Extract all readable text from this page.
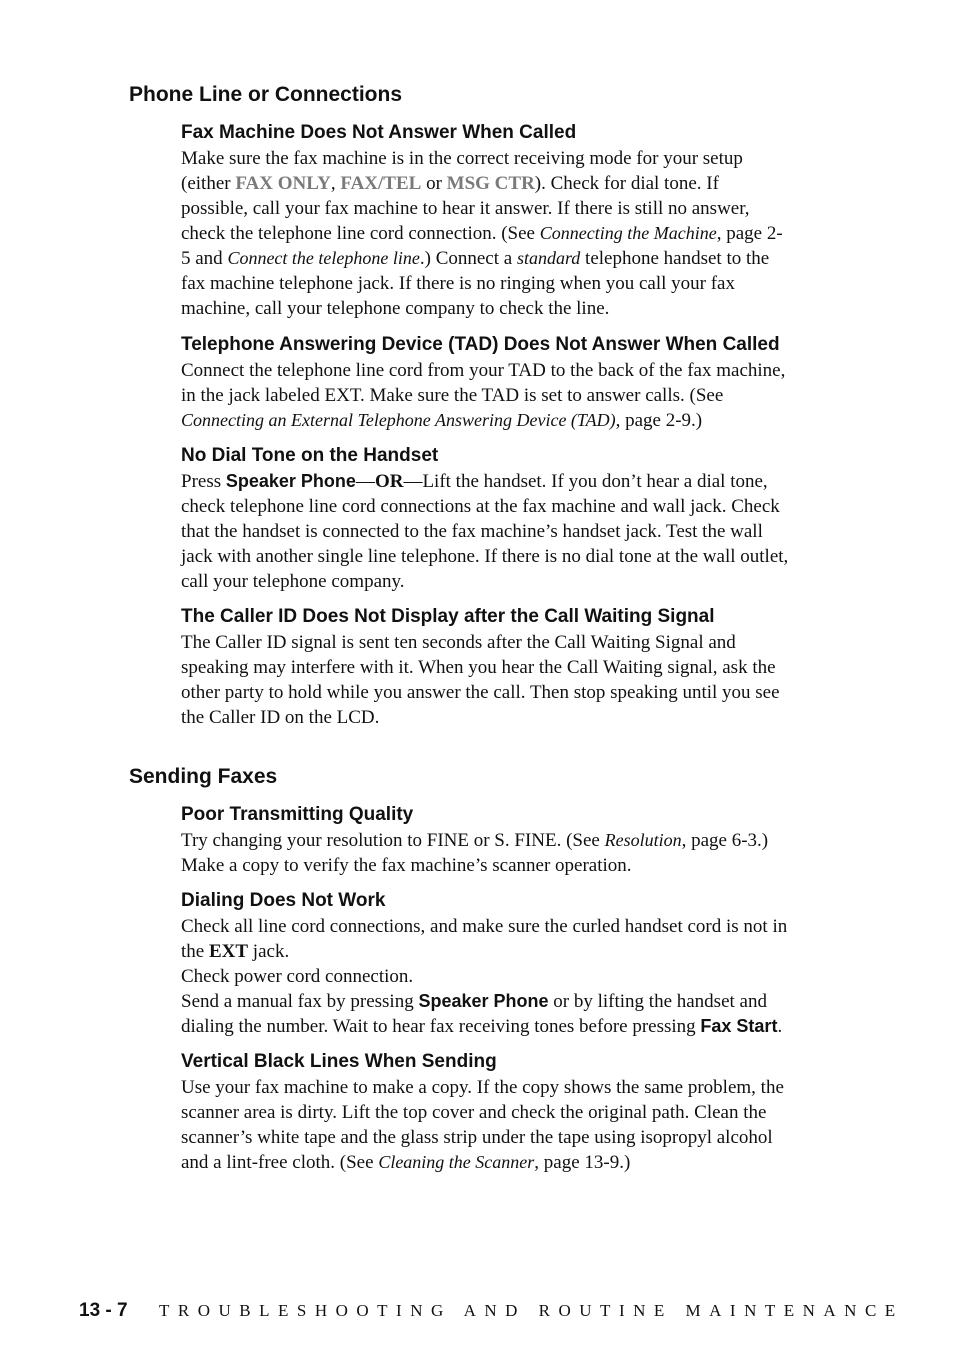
Phone Line or Connections
Fax Machine Does Not Answer When Called
Make sure the fax machine is in the correct receiving mode for your setup
(either FAX ONLY, FAX/TEL or MSG CTR). Check for dial tone. If
possible, call your fax machine to hear it answer. If there is still no answer,
check the telephone line cord connection. (See Connecting the Machine, page 2-
5 and Connect the telephone line.) Connect a standard telephone handset to the
fax machine telephone jack. If there is no ringing when you call your fax
machine, call your telephone company to check the line.
Telephone Answering Device (TAD) Does Not Answer When Called
Connect the telephone line cord from your TAD to the back of the fax machine,
in the jack labeled EXT. Make sure the TAD is set to answer calls. (See
Connecting an External Telephone Answering Device (TAD), page 2-9.)
No Dial Tone on the Handset
Press Speaker Phone—OR—Lift the handset. If you don’t hear a dial tone,
check telephone line cord connections at the fax machine and wall jack. Check
that the handset is connected to the fax machine’s handset jack. Test the wall
jack with another single line telephone. If there is no dial tone at the wall outlet,
call your telephone company.
The Caller ID Does Not Display after the Call Waiting Signal
The Caller ID signal is sent ten seconds after the Call Waiting Signal and
speaking may interfere with it. When you hear the Call Waiting signal, ask the
other party to hold while you answer the call. Then stop speaking until you see
the Caller ID on the LCD.
Sending Faxes
Poor Transmitting Quality
Try changing your resolution to FINE or S. FINE. (See Resolution, page 6-3.)
Make a copy to verify the fax machine’s scanner operation.
Dialing Does Not Work
Check all line cord connections, and make sure the curled handset cord is not in
the EXT jack.
Check power cord connection.
Send a manual fax by pressing Speaker Phone or by lifting the handset and
dialing the number. Wait to hear fax receiving tones before pressing Fax Start.
Vertical Black Lines When Sending
Use your fax machine to make a copy. If the copy shows the same problem, the
scanner area is dirty. Lift the top cover and check the original path. Clean the
scanner’s white tape and the glass strip under the tape using isopropyl alcohol
and a lint-free cloth. (See Cleaning the Scanner, page 13-9.)
13 - 7 TROUBLESHOOTING AND ROUTINE MAINTENANCE
